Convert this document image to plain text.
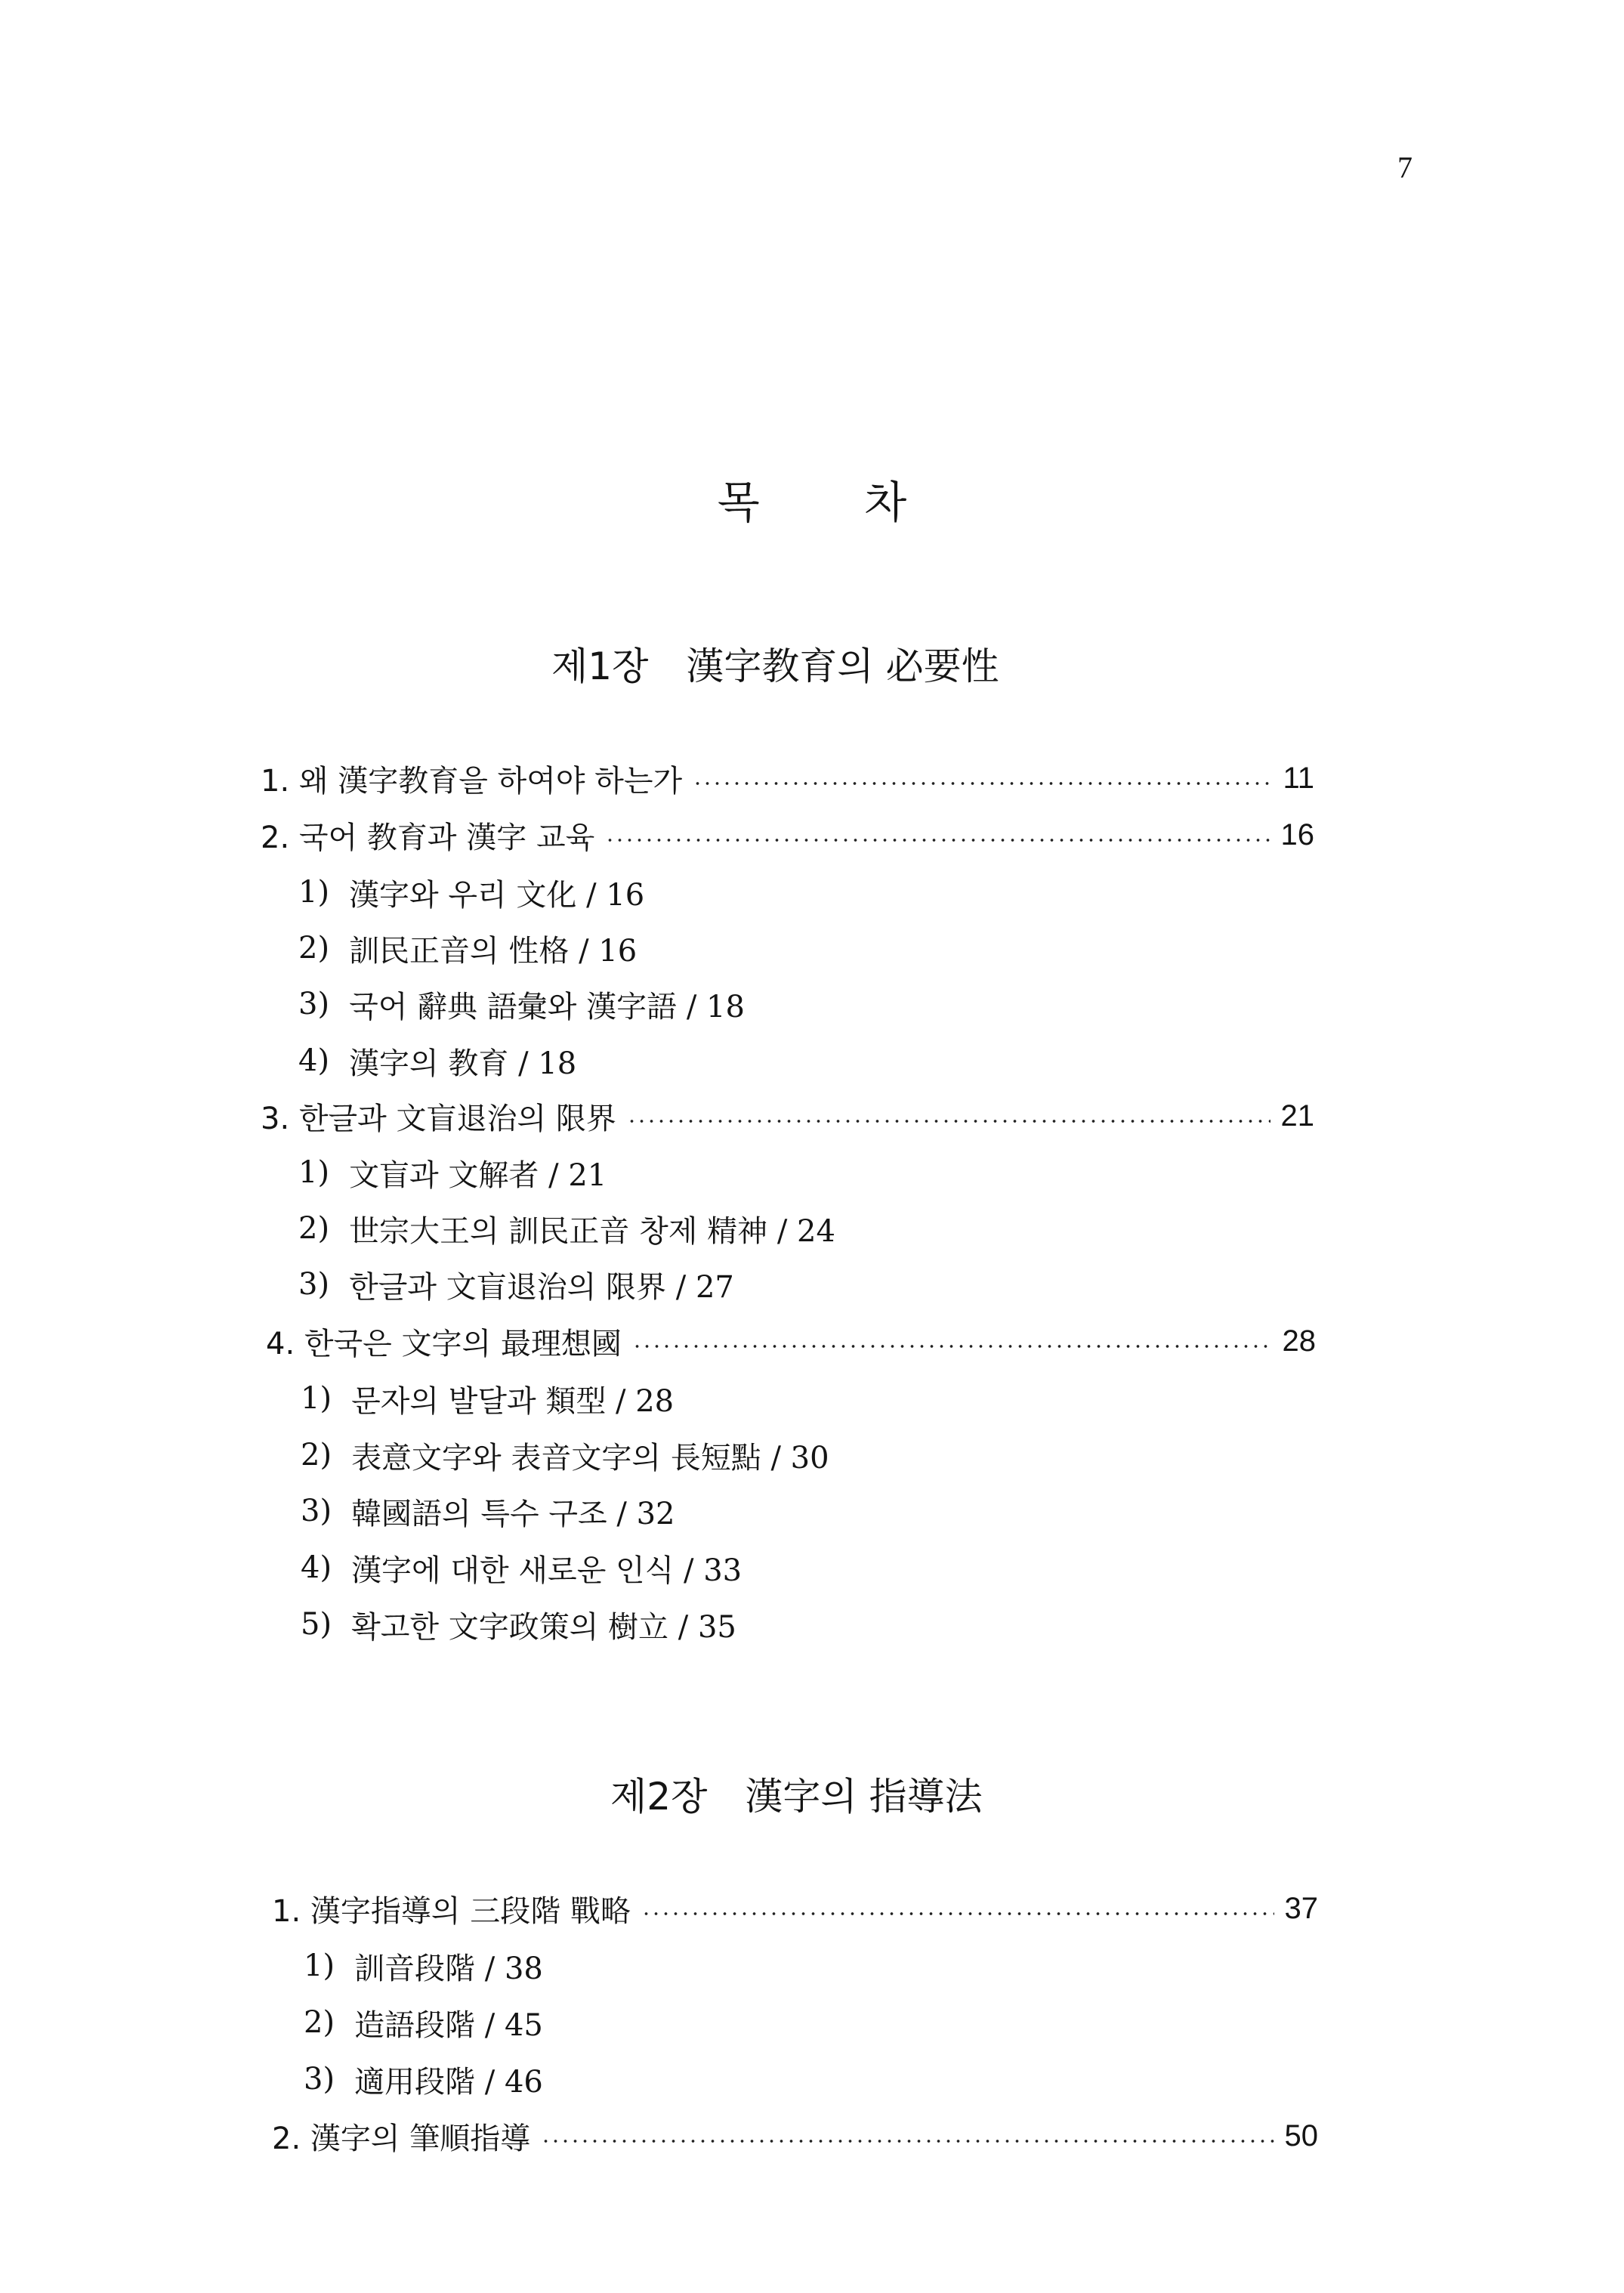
7
목 차
제1장 漢字教育의 必要性
1. 왜 漢字教育을 하여야 하는가	11
2. 국어 教育과 漢字 교육	16
1) 漢字와 우리 文化 / 16
2) 訓民正音의 性格 / 16
3) 국어 辭典 語彙와 漢字語 / 18
4) 漢字의 教育 / 18
3. 한글과 文盲退治의 限界	21
1) 文盲과 文解者 / 21
2) 世宗大王의 訓民正音 창제 精神 / 24
3) 한글과 文盲退治의 限界 / 27
4. 한국은 文字의 最理想國	28
1) 문자의 발달과 類型 / 28
2) 表意文字와 表音文字의 長短點 / 30
3) 韓國語의 특수 구조 / 32
4) 漢字에 대한 새로운 인식 / 33
5) 확고한 文字政策의 樹立 / 35
제2장 漢字의 指導法
1. 漢字指導의 三段階 戰略	37
1) 訓音段階 / 38
2) 造語段階 / 45
3) 適用段階 / 46
2. 漢字의 筆順指導	50
